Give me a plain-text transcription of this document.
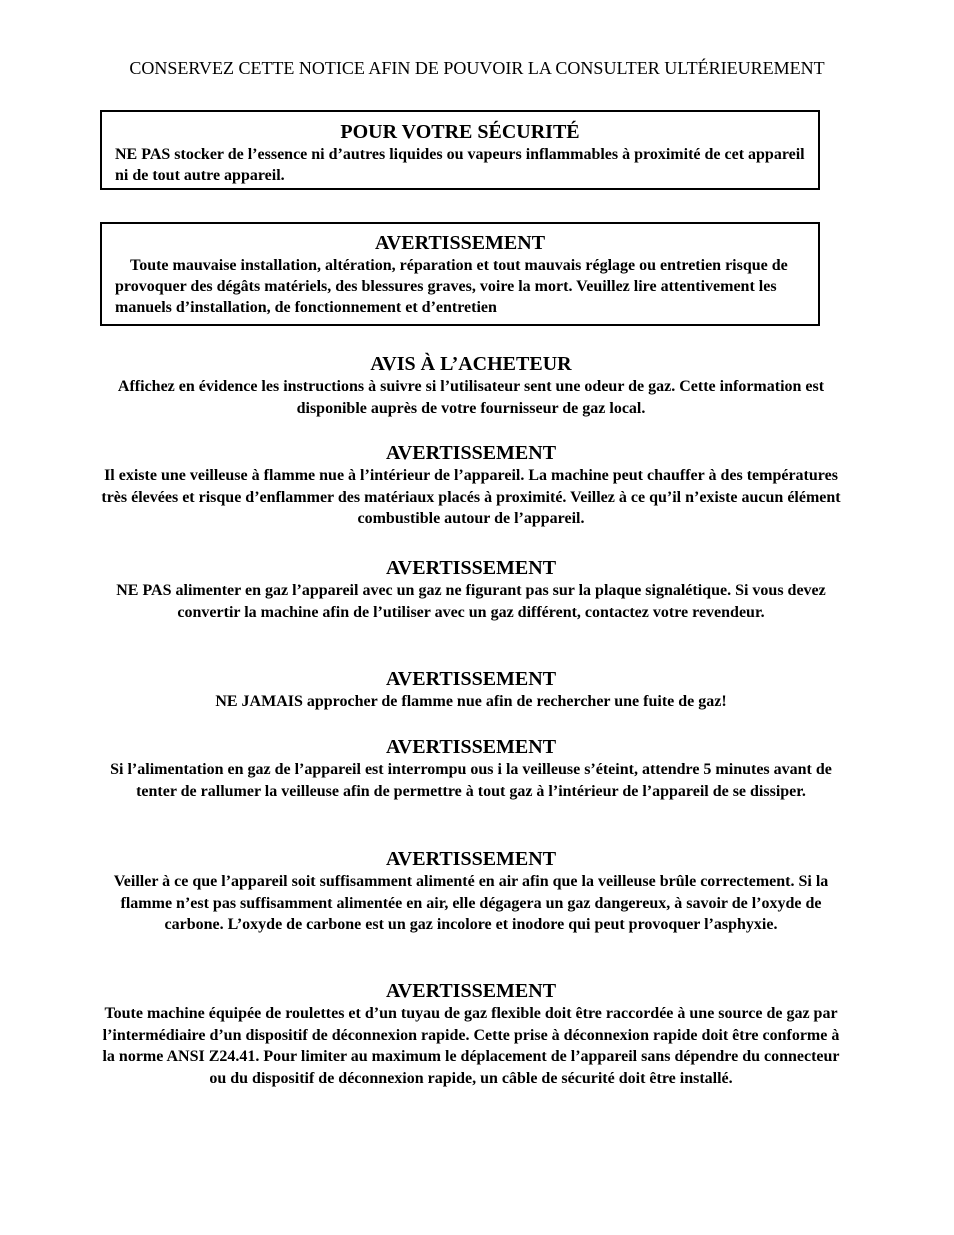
CONSERVEZ CETTE NOTICE AFIN DE POUVOIR LA CONSULTER ULTÉRIEUREMENT
POUR VOTRE SÉCURITÉ
NE PAS stocker de l’essence ni d’autres liquides ou vapeurs inflammables à proximité de cet appareil ni de tout autre appareil.
AVERTISSEMENT
Toute mauvaise installation, altération, réparation et tout mauvais réglage ou entretien risque de provoquer des dégâts matériels, des blessures graves, voire la mort. Veuillez lire attentivement les manuels d’installation, de fonctionnement et d’entretien
AVIS À L’ACHETEUR
Affichez en évidence les instructions à suivre si l’utilisateur sent une odeur de gaz. Cette information est disponible auprès de votre fournisseur de gaz local.
AVERTISSEMENT
Il existe une veilleuse à flamme nue à l’intérieur de l’appareil. La machine peut chauffer à des températures très élevées et risque d’enflammer des matériaux placés à proximité. Veillez à ce qu’il n’existe aucun élément combustible autour de l’appareil.
AVERTISSEMENT
NE PAS alimenter en gaz l’appareil avec un gaz ne figurant pas sur la plaque signalétique. Si vous devez convertir la machine afin de l’utiliser avec un gaz différent, contactez votre revendeur.
AVERTISSEMENT
NE JAMAIS approcher de flamme nue afin de rechercher une fuite de gaz!
AVERTISSEMENT
Si l’alimentation en gaz de l’appareil est interrompu ous i la veilleuse s’éteint, attendre 5 minutes avant de tenter de rallumer la veilleuse afin de permettre à tout gaz à l’intérieur de l’appareil de se dissiper.
AVERTISSEMENT
Veiller à ce que l’appareil soit suffisamment alimenté en air afin que la veilleuse brûle correctement. Si la flamme n’est pas suffisamment alimentée en air, elle dégagera un gaz dangereux, à savoir de l’oxyde de carbone. L’oxyde de carbone est un gaz incolore et inodore qui peut provoquer l’asphyxie.
AVERTISSEMENT
Toute machine équipée de roulettes et d’un tuyau de gaz flexible doit être raccordée à une source de gaz par l’intermédiaire d’un dispositif de déconnexion rapide. Cette prise à déconnexion rapide doit être conforme à la norme ANSI Z24.41. Pour limiter au maximum le déplacement de l’appareil sans dépendre du connecteur ou du dispositif de déconnexion rapide, un câble de sécurité doit être installé.
